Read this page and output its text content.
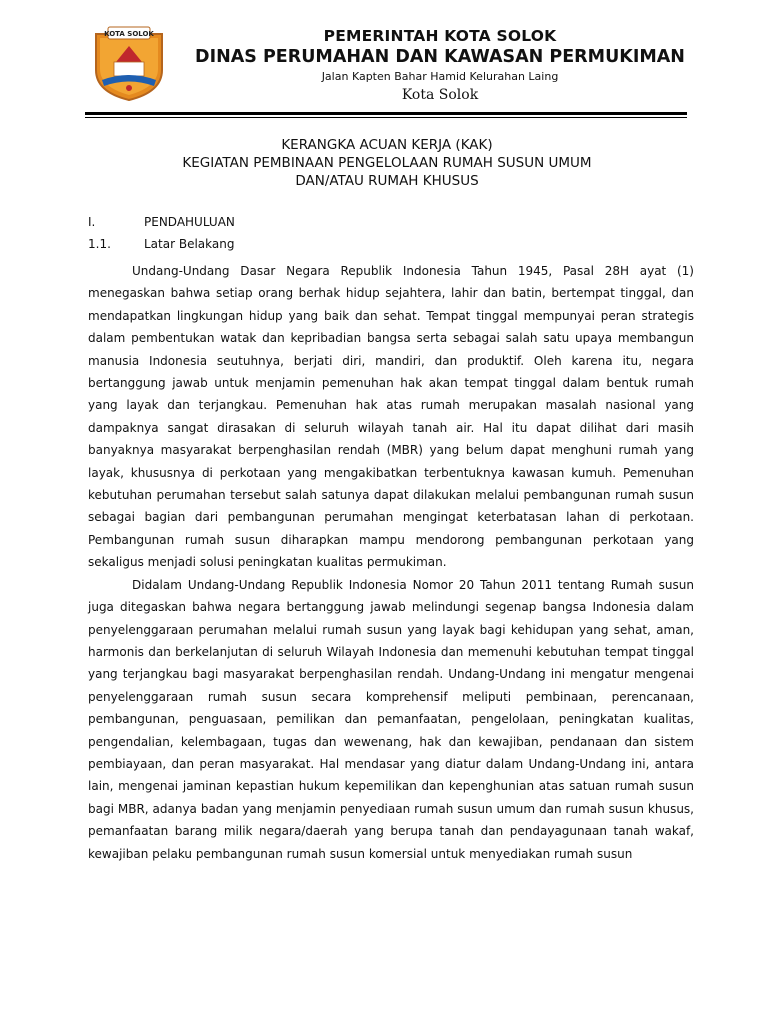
KOTA SOLOK	PEMERINTAH KOTA SOLOK
DINAS PERUMAHAN DAN KAWASAN PERMUKIMAN
Jalan Kapten Bahar Hamid Kelurahan Laing
Kota Solok
KERANGKA ACUAN KERJA (KAK)
KEGIATAN PEMBINAAN PENGELOLAAN RUMAH SUSUN UMUM
DAN/ATAU RUMAH KHUSUS
I.	PENDAHULUAN
1.1.	Latar Belakang

Undang-Undang Dasar Negara Republik Indonesia Tahun 1945, Pasal 28H ayat (1) menegaskan bahwa setiap orang berhak hidup sejahtera, lahir dan batin, bertempat tinggal, dan mendapatkan lingkungan hidup yang baik dan sehat. Tempat tinggal mempunyai peran strategis dalam pembentukan watak dan kepribadian bangsa serta sebagai salah satu upaya membangun manusia Indonesia seutuhnya, berjati diri, mandiri, dan produktif. Oleh karena itu, negara bertanggung jawab untuk menjamin pemenuhan hak akan tempat tinggal dalam bentuk rumah yang layak dan terjangkau. Pemenuhan hak atas rumah merupakan masalah nasional yang dampaknya sangat dirasakan di seluruh wilayah tanah air. Hal itu dapat dilihat dari masih banyaknya masyarakat berpenghasilan rendah (MBR) yang belum dapat menghuni rumah yang layak, khususnya di perkotaan yang mengakibatkan terbentuknya kawasan kumuh. Pemenuhan kebutuhan perumahan tersebut salah satunya dapat dilakukan melalui pembangunan rumah susun sebagai bagian dari pembangunan perumahan mengingat keterbatasan lahan di perkotaan. Pembangunan rumah susun diharapkan mampu mendorong pembangunan perkotaan yang sekaligus menjadi solusi peningkatan kualitas permukiman.

Didalam Undang-Undang Republik Indonesia Nomor 20 Tahun 2011 tentang Rumah susun juga ditegaskan bahwa negara bertanggung jawab melindungi segenap bangsa Indonesia dalam penyelenggaraan perumahan melalui rumah susun yang layak bagi kehidupan yang sehat, aman, harmonis dan berkelanjutan di seluruh Wilayah Indonesia dan memenuhi kebutuhan tempat tinggal yang terjangkau bagi masyarakat berpenghasilan rendah. Undang-Undang ini mengatur mengenai penyelenggaraan rumah susun secara komprehensif meliputi pembinaan, perencanaan, pembangunan, penguasaan, pemilikan dan pemanfaatan, pengelolaan, peningkatan kualitas, pengendalian, kelembagaan, tugas dan wewenang, hak dan kewajiban, pendanaan dan sistem pembiayaan, dan peran masyarakat. Hal mendasar yang diatur dalam Undang-Undang ini, antara lain, mengenai jaminan kepastian hukum kepemilikan dan kepenghunian atas satuan rumah susun bagi MBR, adanya badan yang menjamin penyediaan rumah susun umum dan rumah susun khusus, pemanfaatan barang milik negara/daerah yang berupa tanah dan pendayagunaan tanah wakaf, kewajiban pelaku pembangunan rumah susun komersial untuk menyediakan rumah susun
